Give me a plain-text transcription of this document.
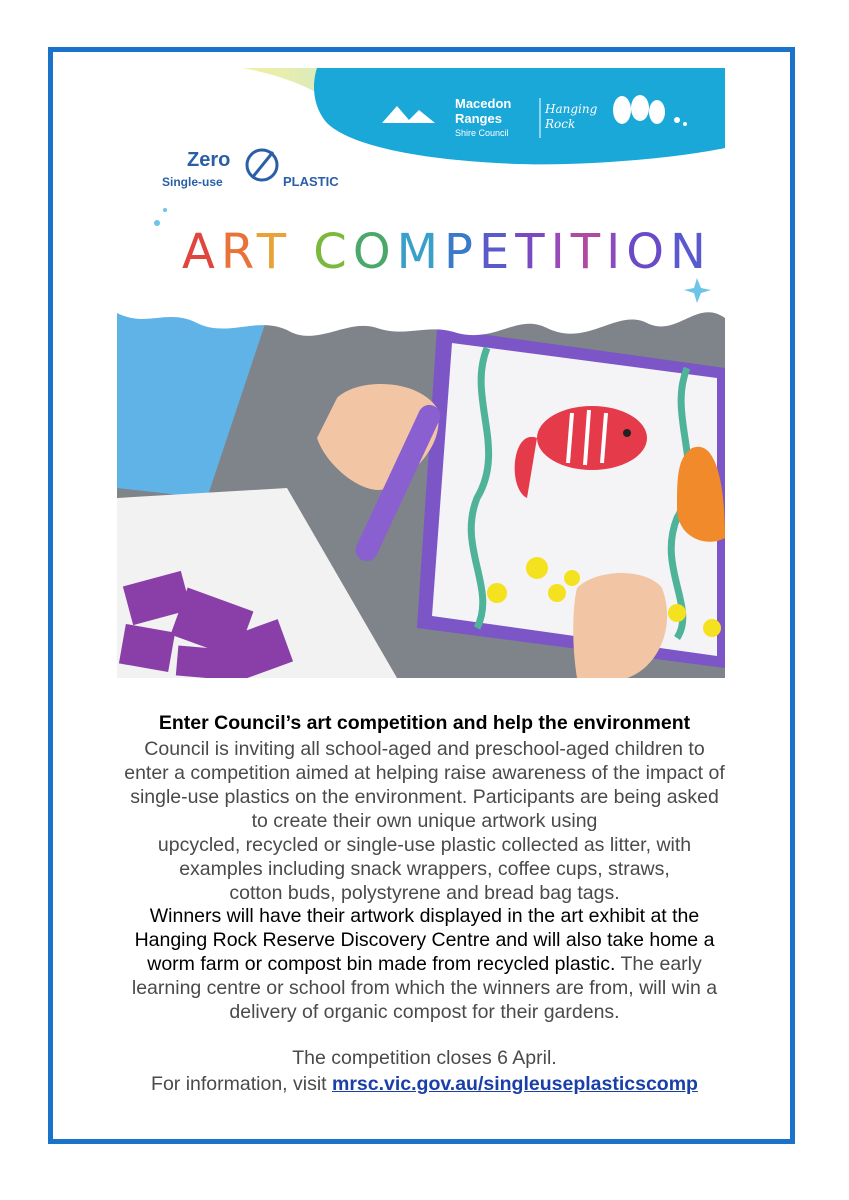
Macedon
Ranges
Shire Council
Hanging
Rock
Zero
Single-use	PLASTIC
ART COMPETITION
Enter Council’s art competition and help the environment
Council is inviting all school-aged and preschool-aged children to
enter a competition aimed at helping raise awareness of the impact of
single-use plastics on the environment. Participants are being asked
to create their own unique artwork using
upcycled, recycled or single-use plastic collected as litter, with
examples including snack wrappers, coffee cups, straws,
cotton buds, polystyrene and bread bag tags.
Winners will have their artwork displayed in the art exhibit at the
Hanging Rock Reserve Discovery Centre and will also take home a
worm farm or compost bin made from recycled plastic. The early
learning centre or school from which the winners are from, will win a
delivery of organic compost for their gardens.
The competition closes 6 April.
For information, visit mrsc.vic.gov.au/singleuseplasticscomp
